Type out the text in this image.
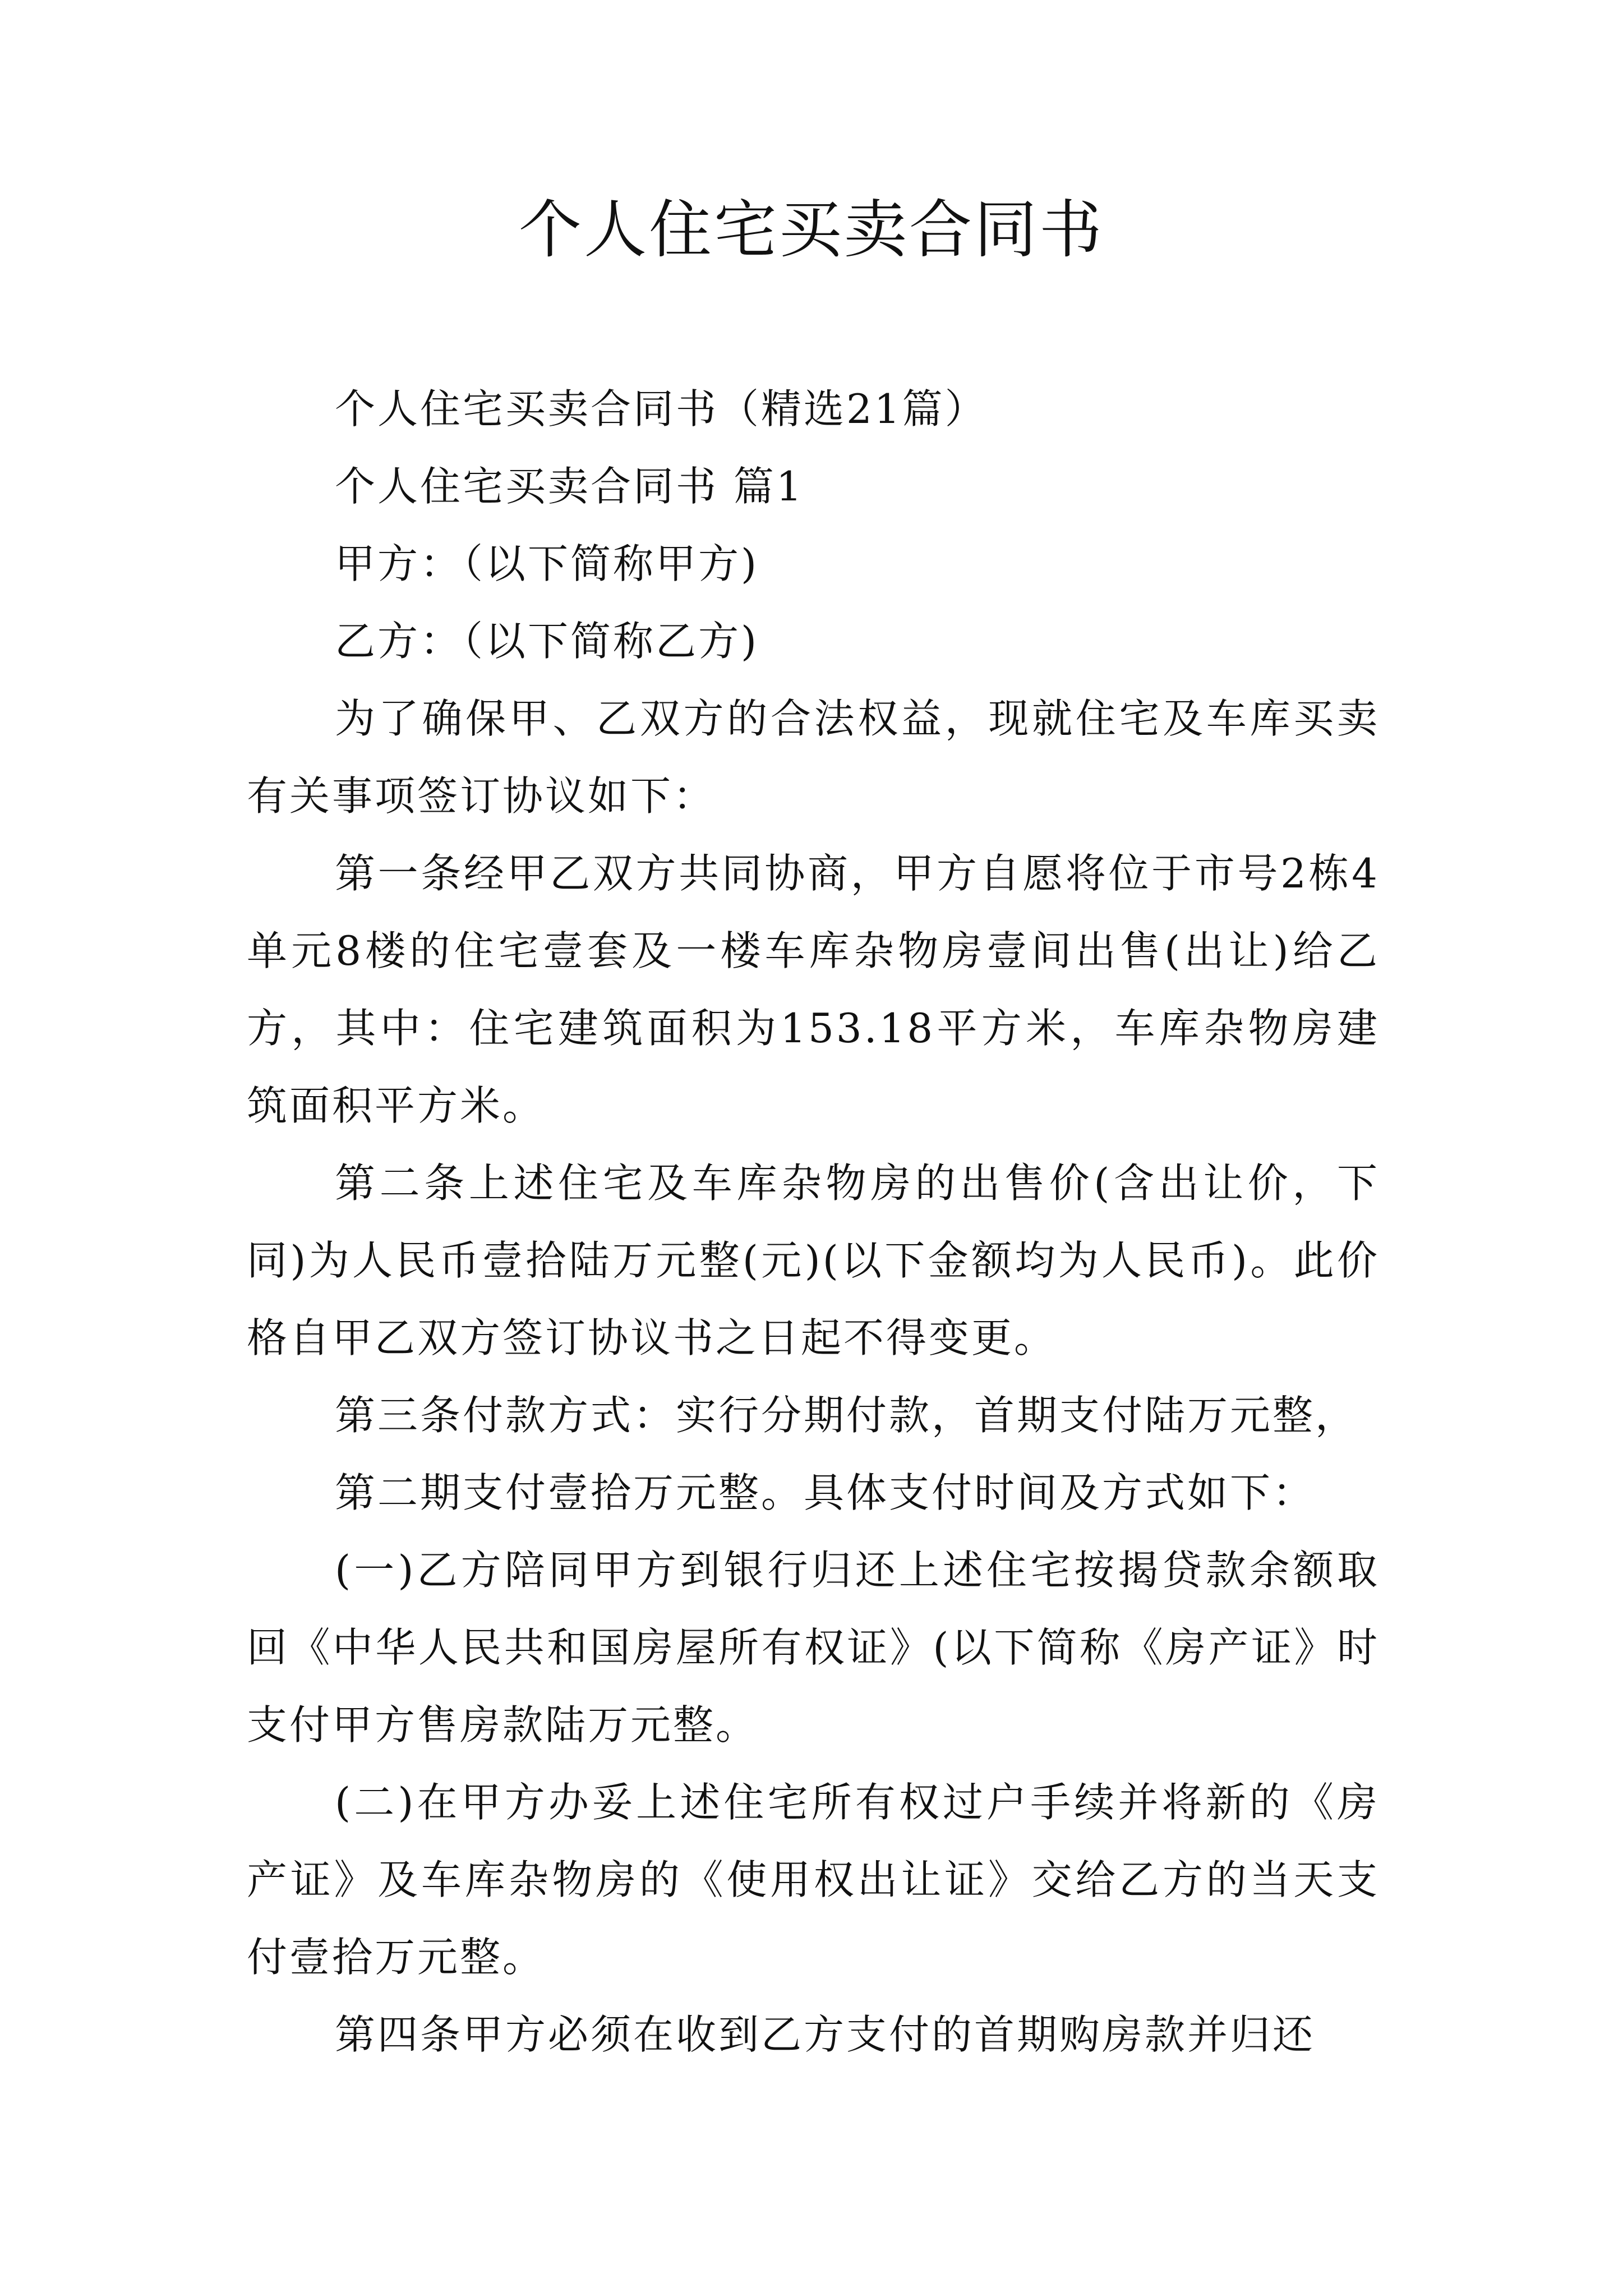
个人住宅买卖合同书

个人住宅买卖合同书（精选21篇）

个人住宅买卖合同书 篇1

甲方：（以下简称甲方)

乙方：（以下简称乙方)

为了确保甲、乙双方的合法权益，现就住宅及车库买卖有关事项签订协议如下：

第一条经甲乙双方共同协商，甲方自愿将位于市号2栋4单元8楼的住宅壹套及一楼车库杂物房壹间出售(出让)给乙方，其中：住宅建筑面积为153.18平方米，车库杂物房建筑面积平方米。

第二条上述住宅及车库杂物房的出售价(含出让价，下同)为人民币壹拾陆万元整(元)(以下金额均为人民币)。此价格自甲乙双方签订协议书之日起不得变更。

第三条付款方式：实行分期付款，首期支付陆万元整，

第二期支付壹拾万元整。具体支付时间及方式如下：

(一)乙方陪同甲方到银行归还上述住宅按揭贷款余额取回《中华人民共和国房屋所有权证》(以下简称《房产证》时支付甲方售房款陆万元整。

(二)在甲方办妥上述住宅所有权过户手续并将新的《房产证》及车库杂物房的《使用权出让证》交给乙方的当天支付壹拾万元整。

第四条甲方必须在收到乙方支付的首期购房款并归还
